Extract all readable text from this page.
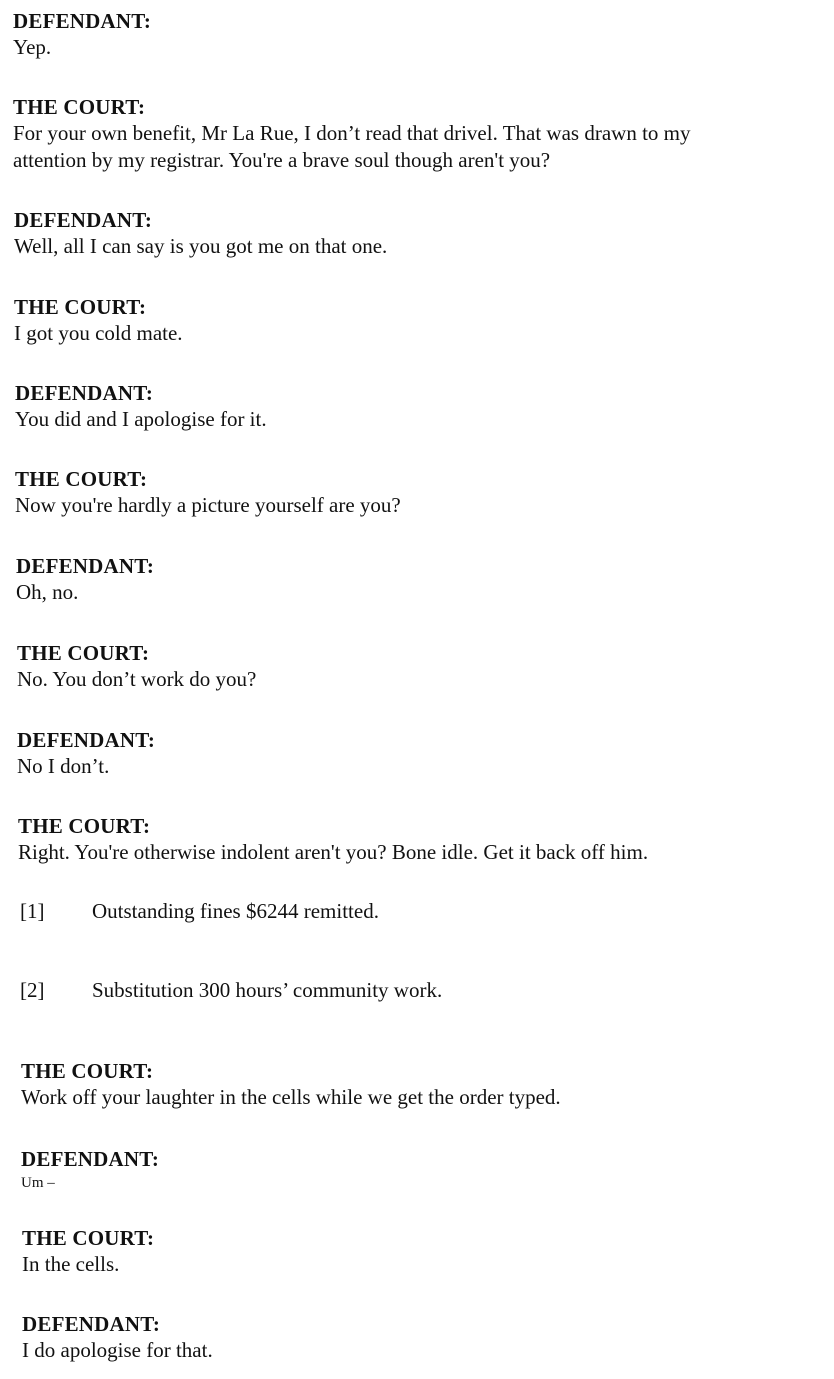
DEFENDANT:
Yep.
THE COURT:
For your own benefit, Mr La Rue, I don’t read that drivel. That was drawn to my
attention by my registrar. You're a brave soul though aren't you?
DEFENDANT:
Well, all I can say is you got me on that one.
THE COURT:
I got you cold mate.
DEFENDANT:
You did and I apologise for it.
THE COURT:
Now you're hardly a picture yourself are you?
DEFENDANT:
Oh, no.
THE COURT:
No. You don’t work do you?
DEFENDANT:
No I don’t.
THE COURT:
Right. You're otherwise indolent aren't you? Bone idle. Get it back off him.
[1] Outstanding fines $6244 remitted.
[2] Substitution 300 hours’ community work.
THE COURT:
Work off your laughter in the cells while we get the order typed.
DEFENDANT:
Um –
THE COURT:
In the cells.
DEFENDANT:
I do apologise for that.
